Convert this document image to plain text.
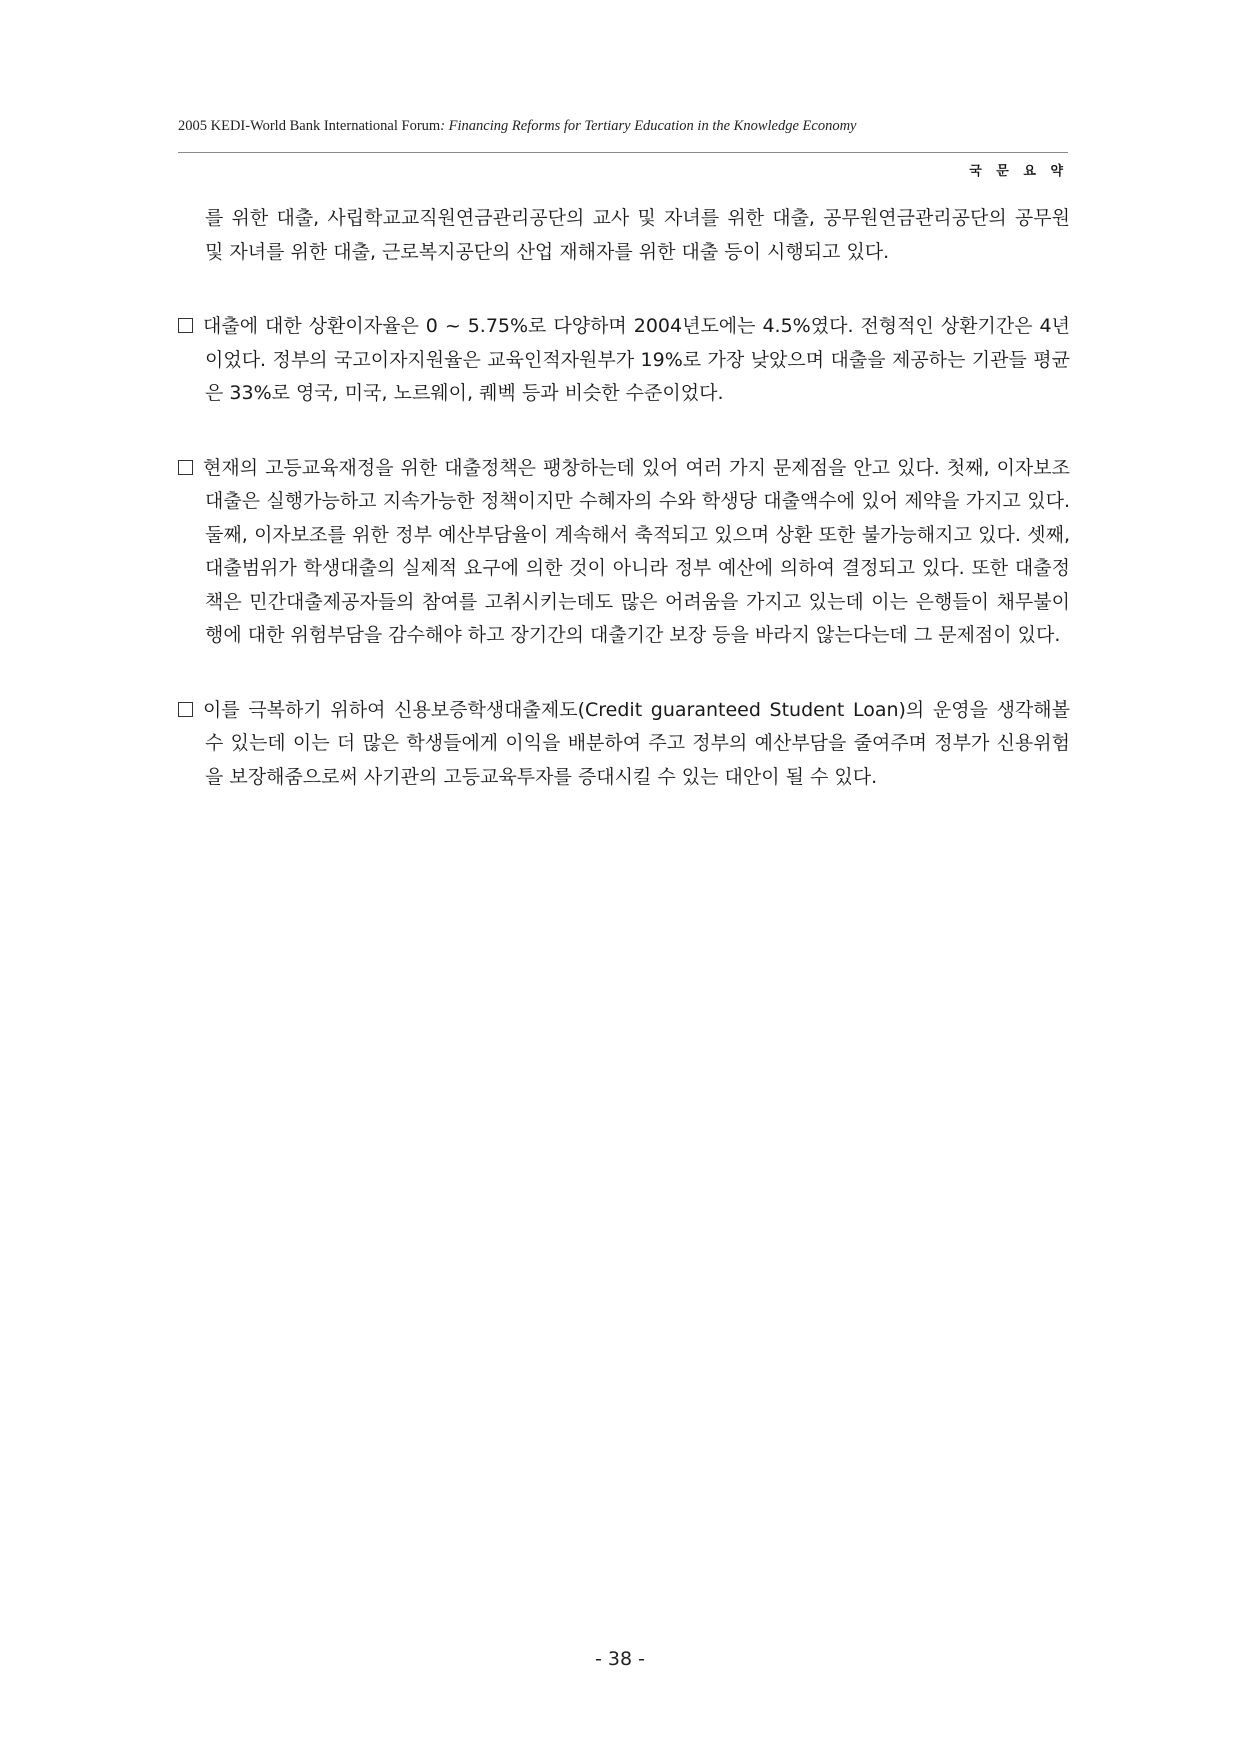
2005 KEDI-World Bank International Forum: Financing Reforms for Tertiary Education in the Knowledge Economy
국 문 요 약

를 위한 대출, 사립학교교직원연금관리공단의 교사 및 자녀를 위한 대출, 공무원연금관리공단의 공무원 및 자녀를 위한 대출, 근로복지공단의 산업 재해자를 위한 대출 등이 시행되고 있다.

대출에 대한 상환이자율은 0 ~ 5.75%로 다양하며 2004년도에는 4.5%였다. 전형적인 상환기간은 4년이었다. 정부의 국고이자지원율은 교육인적자원부가 19%로 가장 낮았으며 대출을 제공하는 기관들 평균은 33%로 영국, 미국, 노르웨이, 퀘벡 등과 비슷한 수준이었다.

현재의 고등교육재정을 위한 대출정책은 팽창하는데 있어 여러 가지 문제점을 안고 있다. 첫째, 이자보조대출은 실행가능하고 지속가능한 정책이지만 수혜자의 수와 학생당 대출액수에 있어 제약을 가지고 있다. 둘째, 이자보조를 위한 정부 예산부담율이 계속해서 축적되고 있으며 상환 또한 불가능해지고 있다. 셋째, 대출범위가 학생대출의 실제적 요구에 의한 것이 아니라 정부 예산에 의하여 결정되고 있다. 또한 대출정책은 민간대출제공자들의 참여를 고취시키는데도 많은 어려움을 가지고 있는데 이는 은행들이 채무불이행에 대한 위험부담을 감수해야 하고 장기간의 대출기간 보장 등을 바라지 않는다는데 그 문제점이 있다.

이를 극복하기 위하여 신용보증학생대출제도(Credit guaranteed Student Loan)의 운영을 생각해볼 수 있는데 이는 더 많은 학생들에게 이익을 배분하여 주고 정부의 예산부담을 줄여주며 정부가 신용위험을 보장해줌으로써 사기관의 고등교육투자를 증대시킬 수 있는 대안이 될 수 있다.

- 38 -
